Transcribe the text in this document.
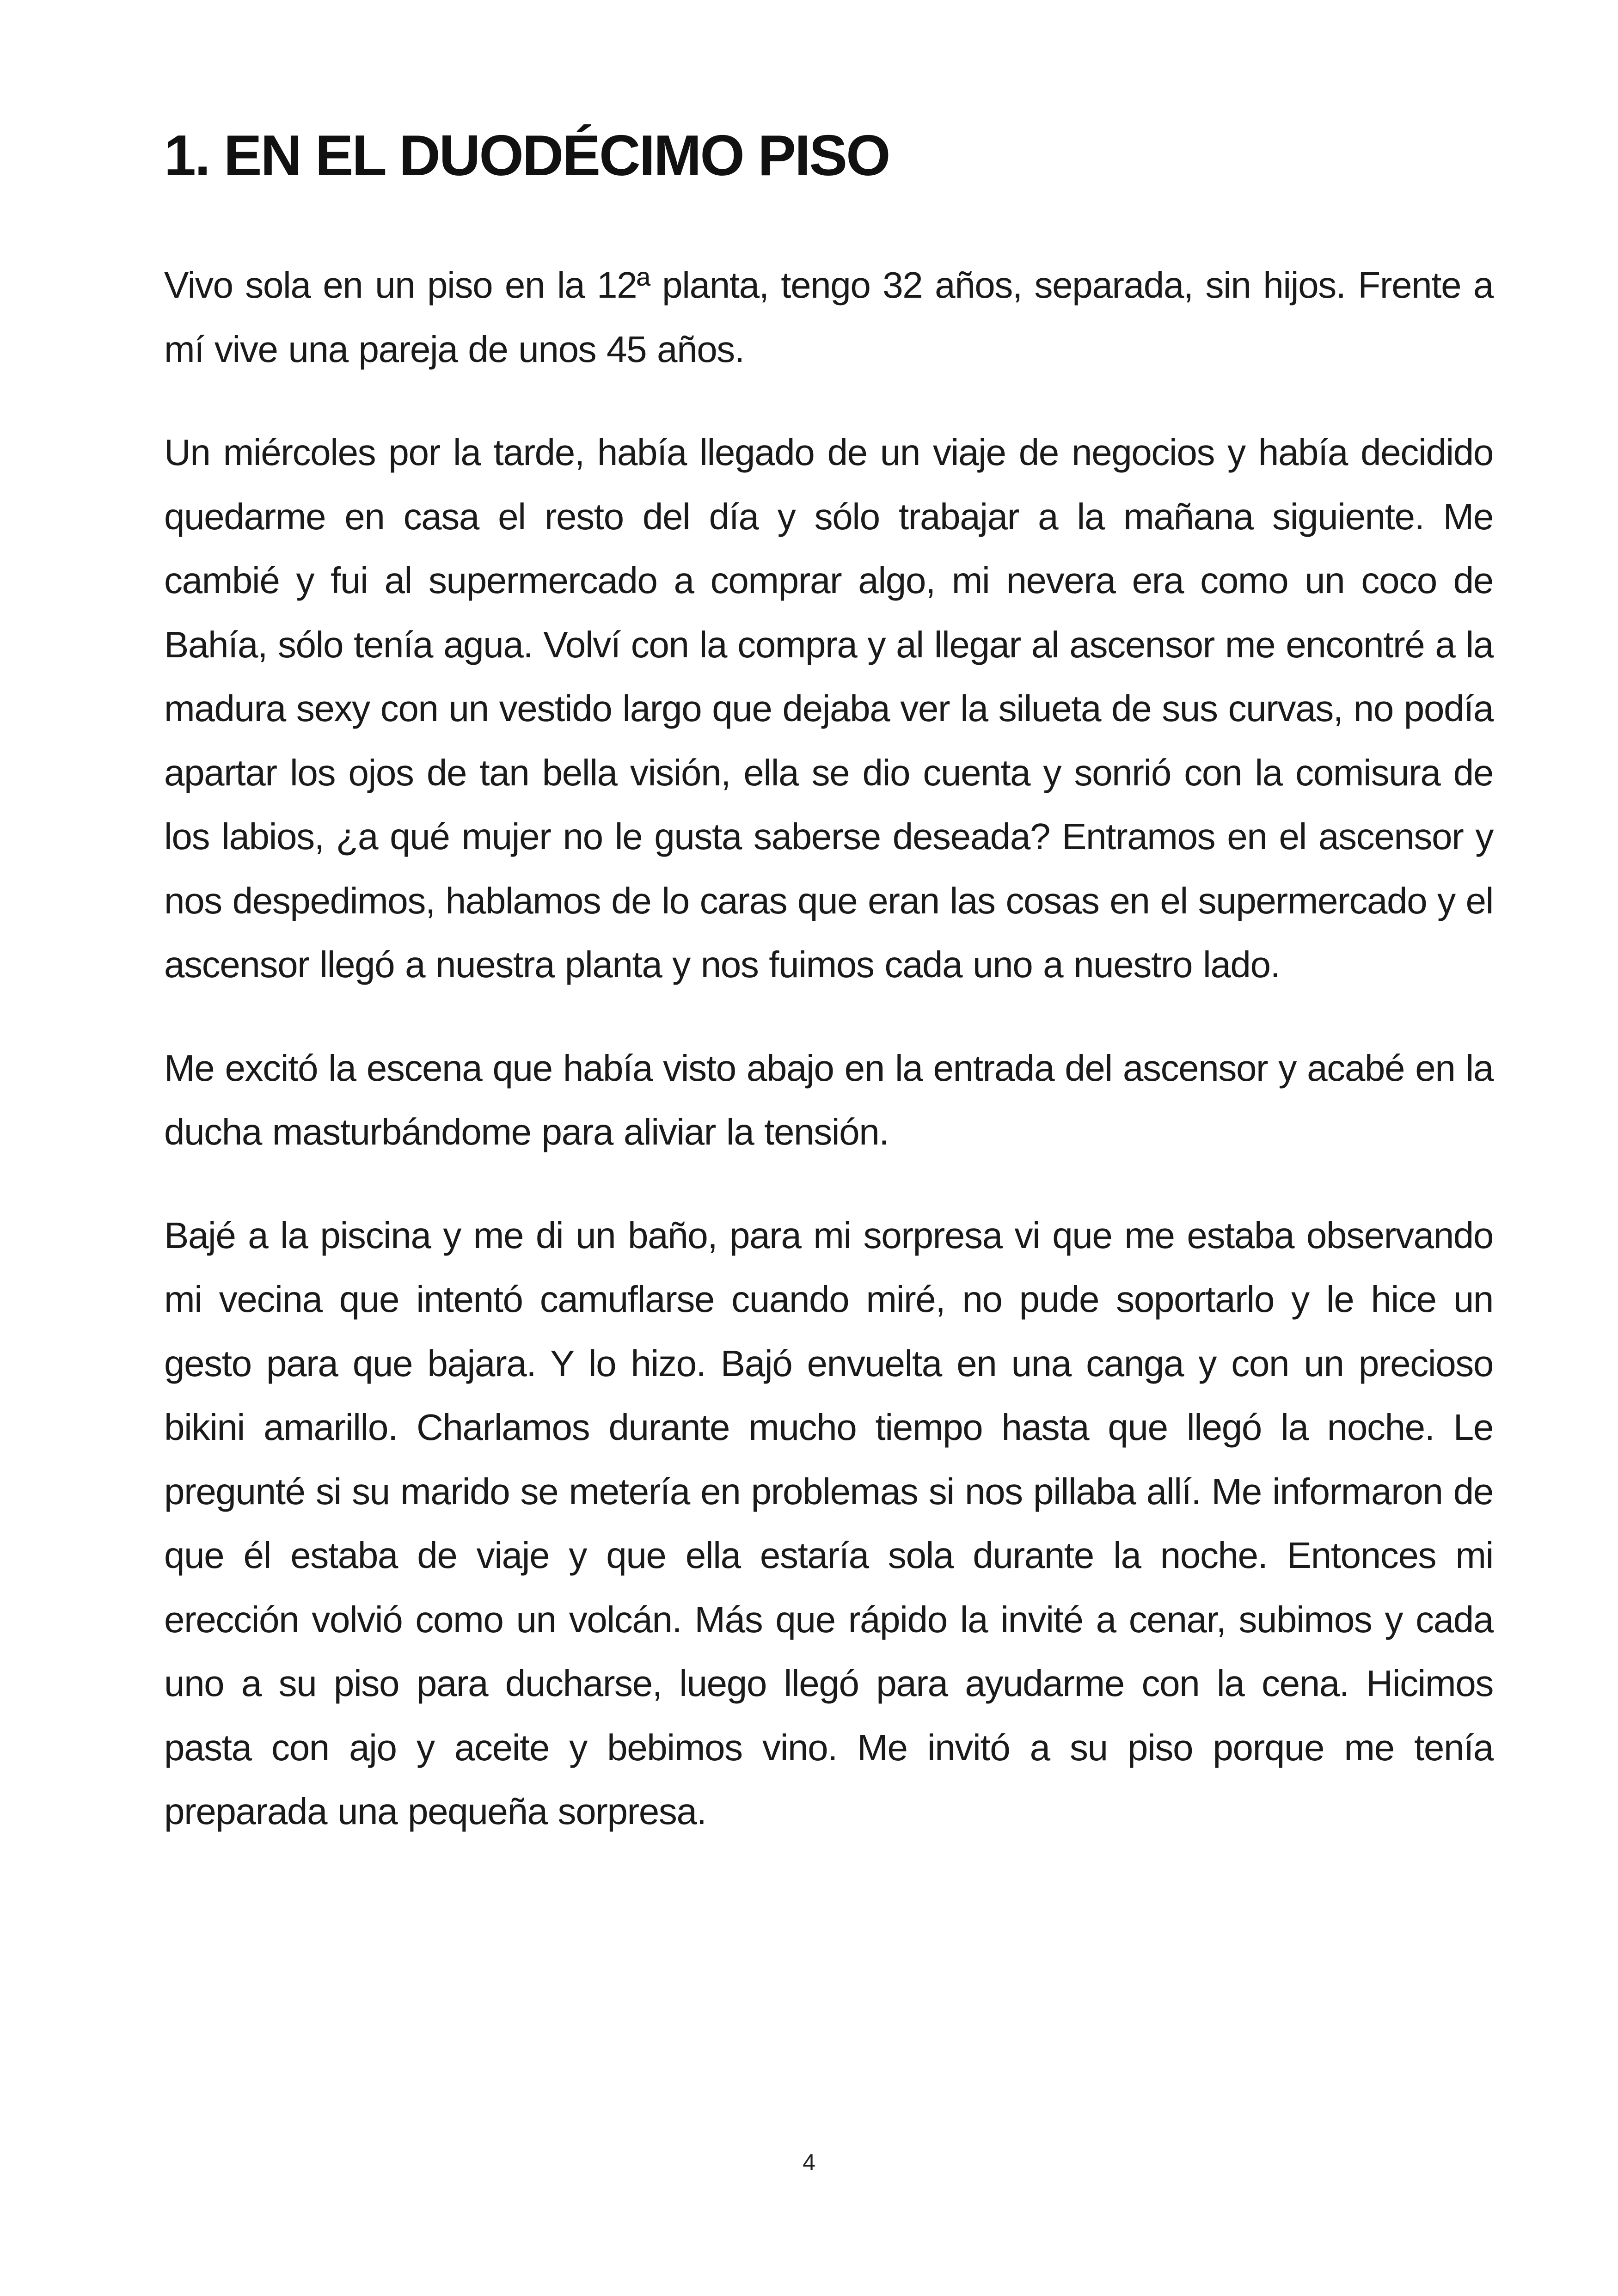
1. EN EL DUODÉCIMO PISO

Vivo sola en un piso en la 12ª planta, tengo 32 años, separada, sin hijos. Frente a mí vive una pareja de unos 45 años.

Un miércoles por la tarde, había llegado de un viaje de negocios y había decidido quedarme en casa el resto del día y sólo trabajar a la mañana siguiente. Me cambié y fui al supermercado a comprar algo, mi nevera era como un coco de Bahía, sólo tenía agua. Volví con la compra y al llegar al ascensor me encontré a la madura sexy con un vestido largo que dejaba ver la silueta de sus curvas, no podía apartar los ojos de tan bella visión, ella se dio cuenta y sonrió con la comisura de los labios, ¿a qué mujer no le gusta saberse deseada? Entramos en el ascensor y nos despedimos, hablamos de lo caras que eran las cosas en el supermercado y el ascensor llegó a nuestra planta y nos fuimos cada uno a nuestro lado.

Me excitó la escena que había visto abajo en la entrada del ascensor y acabé en la ducha masturbándome para aliviar la tensión.

Bajé a la piscina y me di un baño, para mi sorpresa vi que me estaba observando mi vecina que intentó camuflarse cuando miré, no pude soportarlo y le hice un gesto para que bajara. Y lo hizo. Bajó envuelta en una canga y con un precioso bikini amarillo. Charlamos durante mucho tiempo hasta que llegó la noche. Le pregunté si su marido se metería en problemas si nos pillaba allí. Me informaron de que él estaba de viaje y que ella estaría sola durante la noche. Entonces mi erección volvió como un volcán. Más que rápido la invité a cenar, subimos y cada uno a su piso para ducharse, luego llegó para ayudarme con la cena. Hicimos pasta con ajo y aceite y bebimos vino. Me invitó a su piso porque me tenía preparada una pequeña sorpresa.

4
